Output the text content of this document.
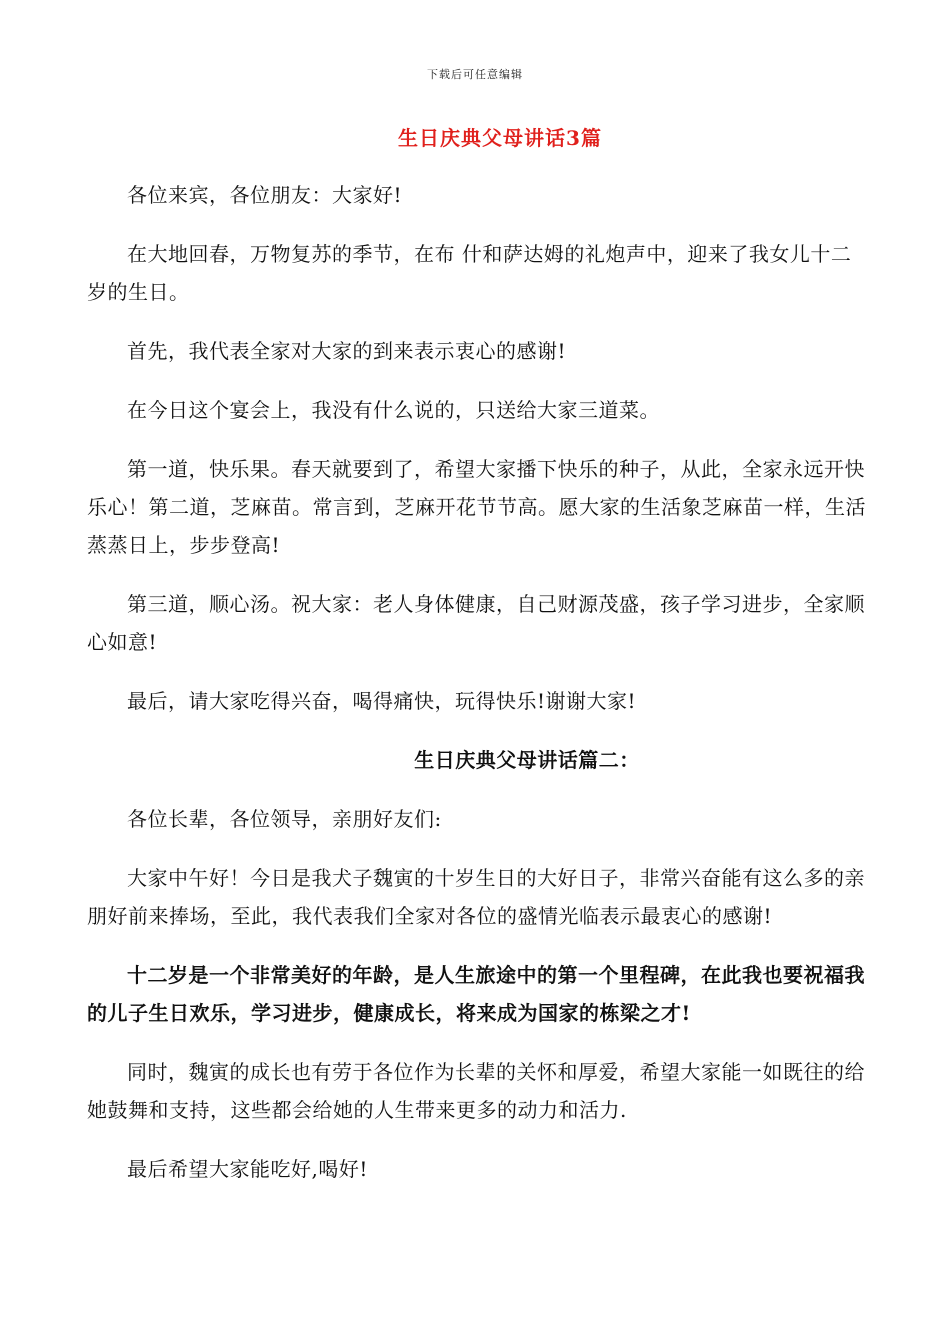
下载后可任意编辑
生日庆典父母讲话3篇

各位来宾，各位朋友：大家好!

在大地回春，万物复苏的季节，在布 什和萨达姆的礼炮声中，迎来了我女儿十二岁的生日。

首先，我代表全家对大家的到来表示衷心的感谢!

在今日这个宴会上，我没有什么说的，只送给大家三道菜。

第一道，快乐果。春天就要到了，希望大家播下快乐的种子，从此，全家永远开快乐心！第二道，芝麻苗。常言到，芝麻开花节节高。愿大家的生活象芝麻苗一样，生活蒸蒸日上，步步登高!

第三道，顺心汤。祝大家：老人身体健康，自己财源茂盛，孩子学习进步，全家顺心如意!

最后，请大家吃得兴奋，喝得痛快，玩得快乐!谢谢大家!

生日庆典父母讲话篇二：

各位长辈，各位领导，亲朋好友们:

大家中午好！今日是我犬子魏寅的十岁生日的大好日子，非常兴奋能有这么多的亲朋好前来捧场，至此，我代表我们全家对各位的盛情光临表示最衷心的感谢!

十二岁是一个非常美好的年龄，是人生旅途中的第一个里程碑，在此我也要祝福我的儿子生日欢乐，学习进步，健康成长，将来成为国家的栋梁之才!

同时，魏寅的成长也有劳于各位作为长辈的关怀和厚爱，希望大家能一如既往的给她鼓舞和支持，这些都会给她的人生带来更多的动力和活力.

最后希望大家能吃好,喝好!
